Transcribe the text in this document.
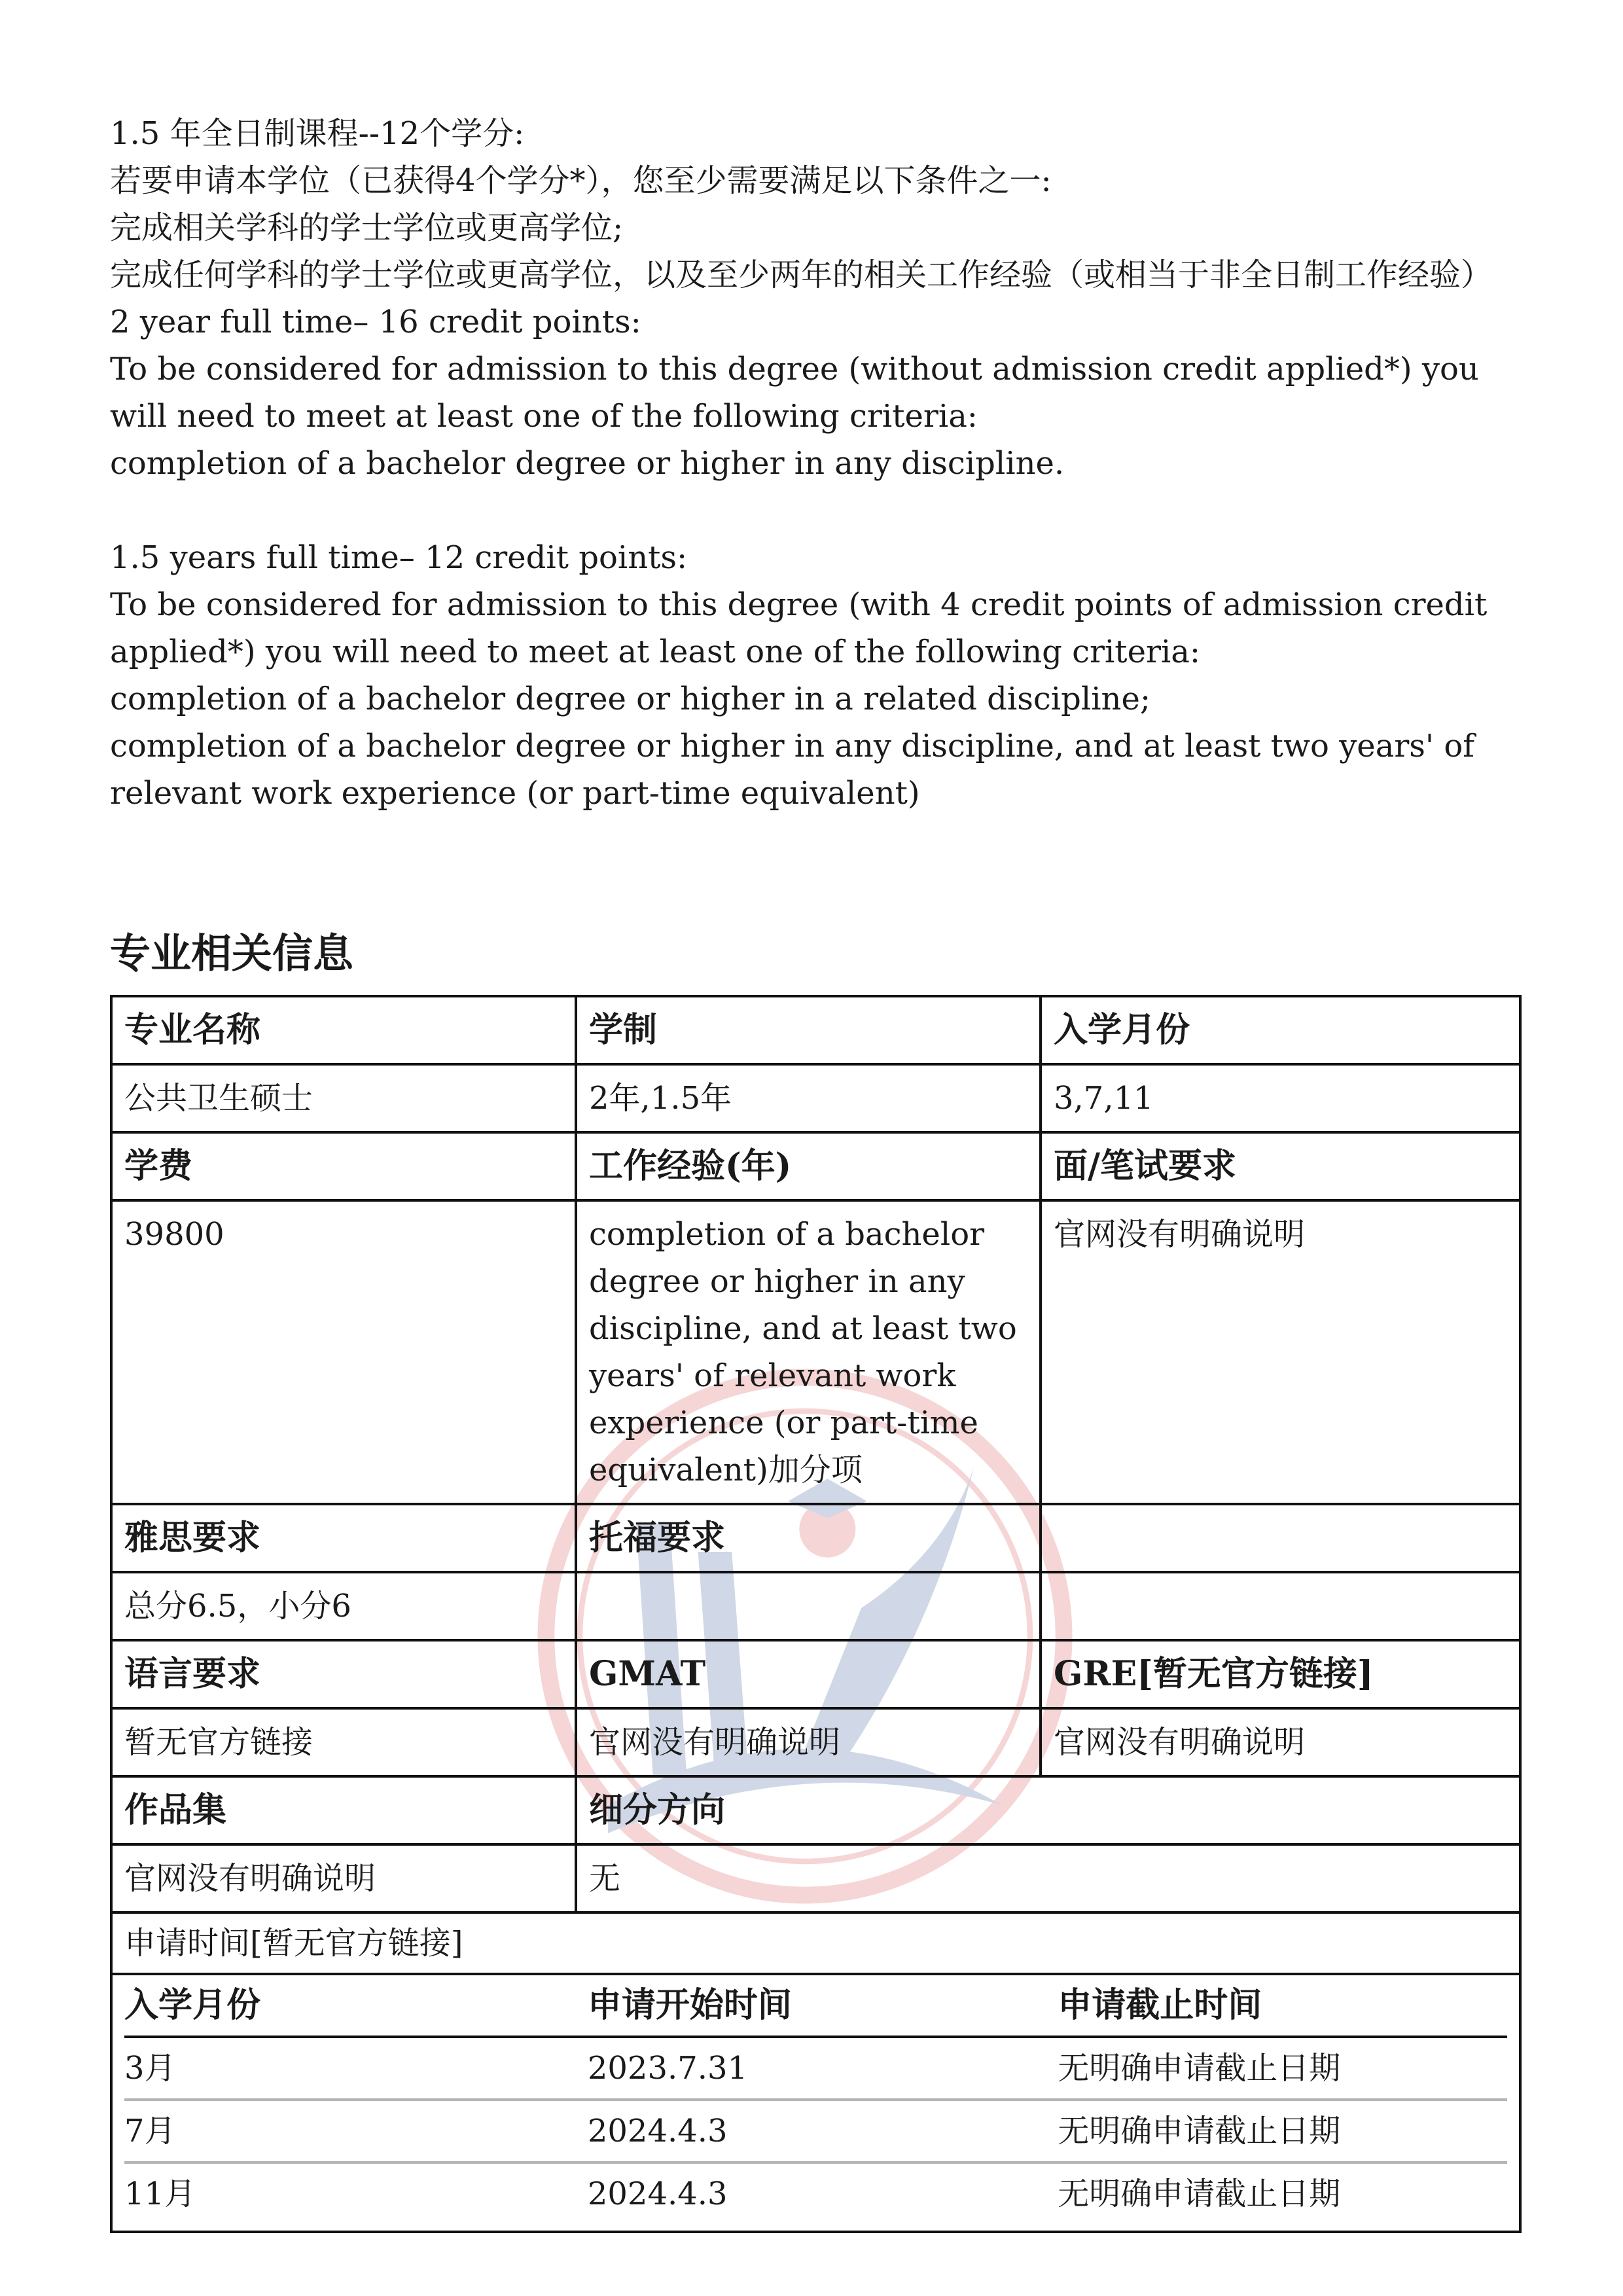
1.5 年全日制课程--12个学分:

若要申请本学位（已获得4个学分*），您至少需要满足以下条件之一:

完成相关学科的学士学位或更高学位;

完成任何学科的学士学位或更高学位，以及至少两年的相关工作经验（或相当于非全日制工作经验）

2 year full time– 16 credit points:

To be considered for admission to this degree (without admission credit applied*) you will need to meet at least one of the following criteria:

completion of a bachelor degree or higher in any discipline.

1.5 years full time– 12 credit points:

To be considered for admission to this degree (with 4 credit points of admission credit applied*) you will need to meet at least one of the following criteria:

completion of a bachelor degree or higher in a related discipline;

completion of a bachelor degree or higher in any discipline, and at least two years' of relevant work experience (or part-time equivalent)

专业相关信息
专业名称	学制	入学月份
公共卫生硕士	2年,1.5年	3,7,11
学费	工作经验(年)	面/笔试要求
39800	completion of a bachelor degree or higher in any discipline, and at least two years' of relevant work experience (or part-time equivalent)加分项	官网没有明确说明
雅思要求	托福要求	
总分6.5，小分6		
语言要求	GMAT	GRE[暂无官方链接]
暂无官方链接	官网没有明确说明	官网没有明确说明
作品集	细分方向
官网没有明确说明	无

申请时间[暂无官方链接]
入学月份	申请开始时间	申请截止时间
3月	2023.7.31	无明确申请截止日期
7月	2024.4.3	无明确申请截止日期
11月	2024.4.3	无明确申请截止日期
